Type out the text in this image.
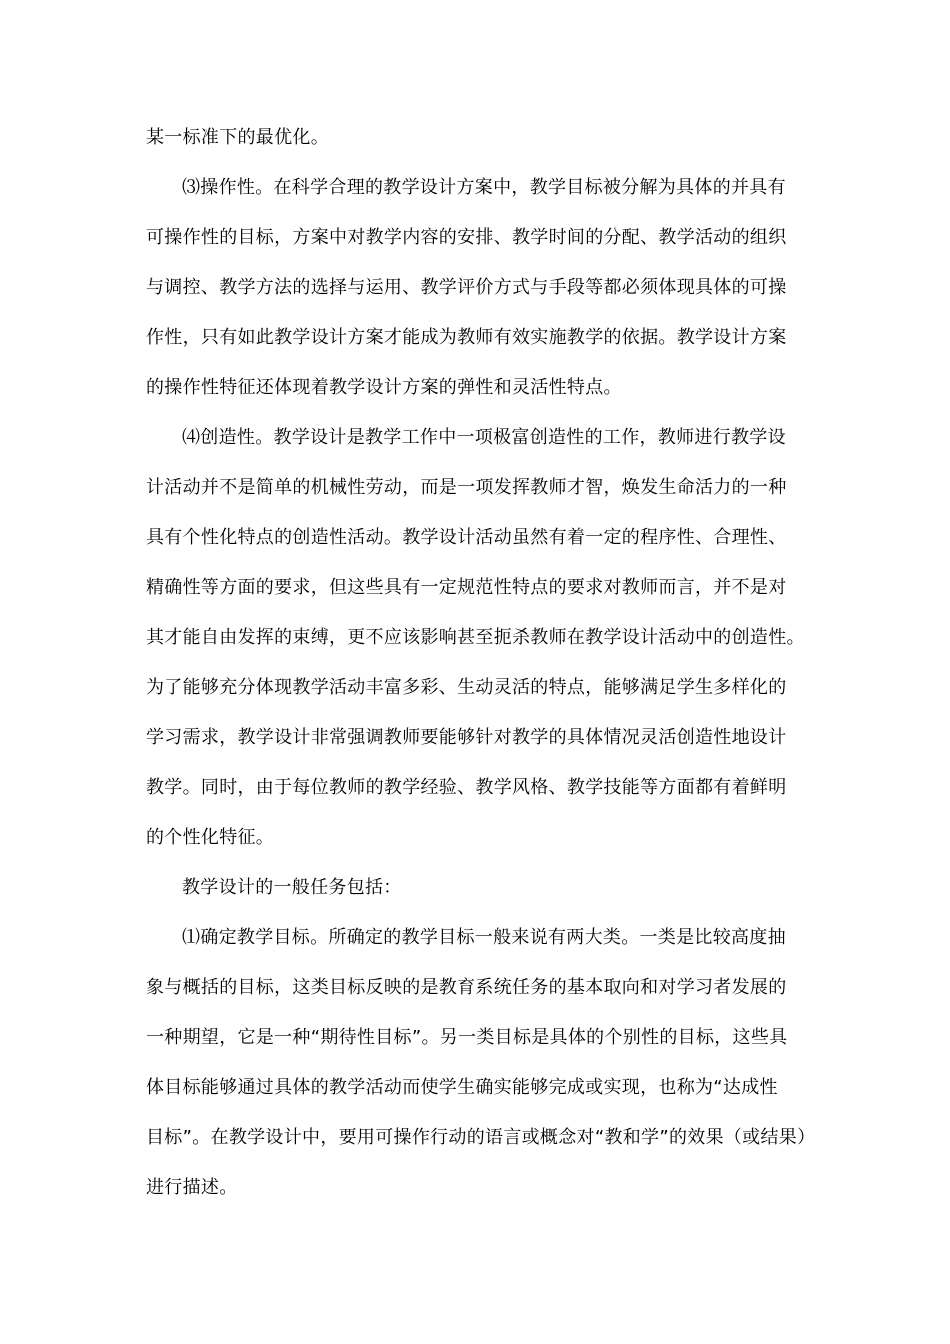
某一标准下的最优化。
⑶操作性。在科学合理的教学设计方案中，教学目标被分解为具体的并具有
可操作性的目标，方案中对教学内容的安排、教学时间的分配、教学活动的组织
与调控、教学方法的选择与运用、教学评价方式与手段等都必须体现具体的可操
作性，只有如此教学设计方案才能成为教师有效实施教学的依据。教学设计方案
的操作性特征还体现着教学设计方案的弹性和灵活性特点。
⑷创造性。教学设计是教学工作中一项极富创造性的工作，教师进行教学设
计活动并不是简单的机械性劳动，而是一项发挥教师才智，焕发生命活力的一种
具有个性化特点的创造性活动。教学设计活动虽然有着一定的程序性、合理性、
精确性等方面的要求，但这些具有一定规范性特点的要求对教师而言，并不是对
其才能自由发挥的束缚，更不应该影响甚至扼杀教师在教学设计活动中的创造性。
为了能够充分体现教学活动丰富多彩、生动灵活的特点，能够满足学生多样化的
学习需求，教学设计非常强调教师要能够针对教学的具体情况灵活创造性地设计
教学。同时，由于每位教师的教学经验、教学风格、教学技能等方面都有着鲜明
的个性化特征。
教学设计的一般任务包括：
⑴确定教学目标。所确定的教学目标一般来说有两大类。一类是比较高度抽
象与概括的目标，这类目标反映的是教育系统任务的基本取向和对学习者发展的
一种期望，它是一种“期待性目标”。另一类目标是具体的个别性的目标，这些具
体目标能够通过具体的教学活动而使学生确实能够完成或实现，也称为“达成性
目标”。在教学设计中，要用可操作行动的语言或概念对“教和学”的效果（或结果）
进行描述。
